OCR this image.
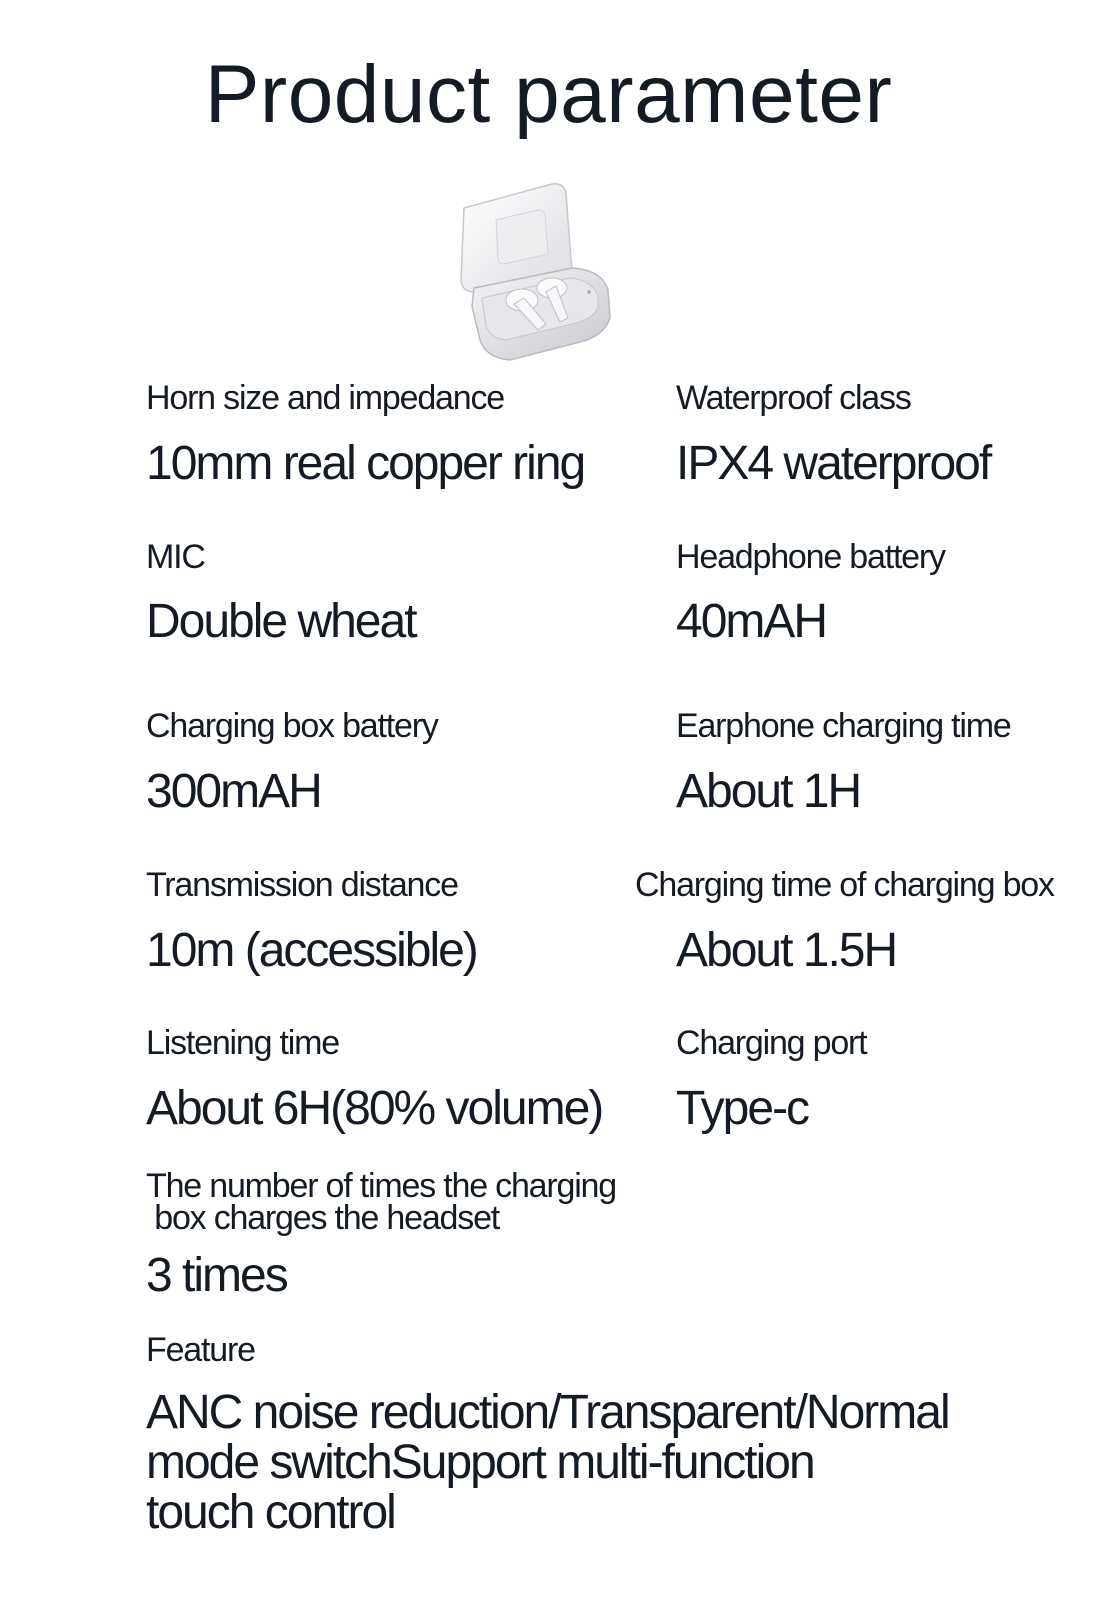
Product parameter
Horn size and impedance
10mm real copper ring
Waterproof class
IPX4 waterproof
MIC
Double wheat
Headphone battery
40mAH
Charging box battery
300mAH
Earphone charging time
About 1H
Transmission distance
10m (accessible)
Charging time of charging box
About 1.5H
Listening time
About 6H(80% volume)
Charging port
Type-c
The number of times the charging
box charges the headset
3 times
Feature
ANC noise reduction/Transparent/Normal
mode switchSupport multi-function
touch control
